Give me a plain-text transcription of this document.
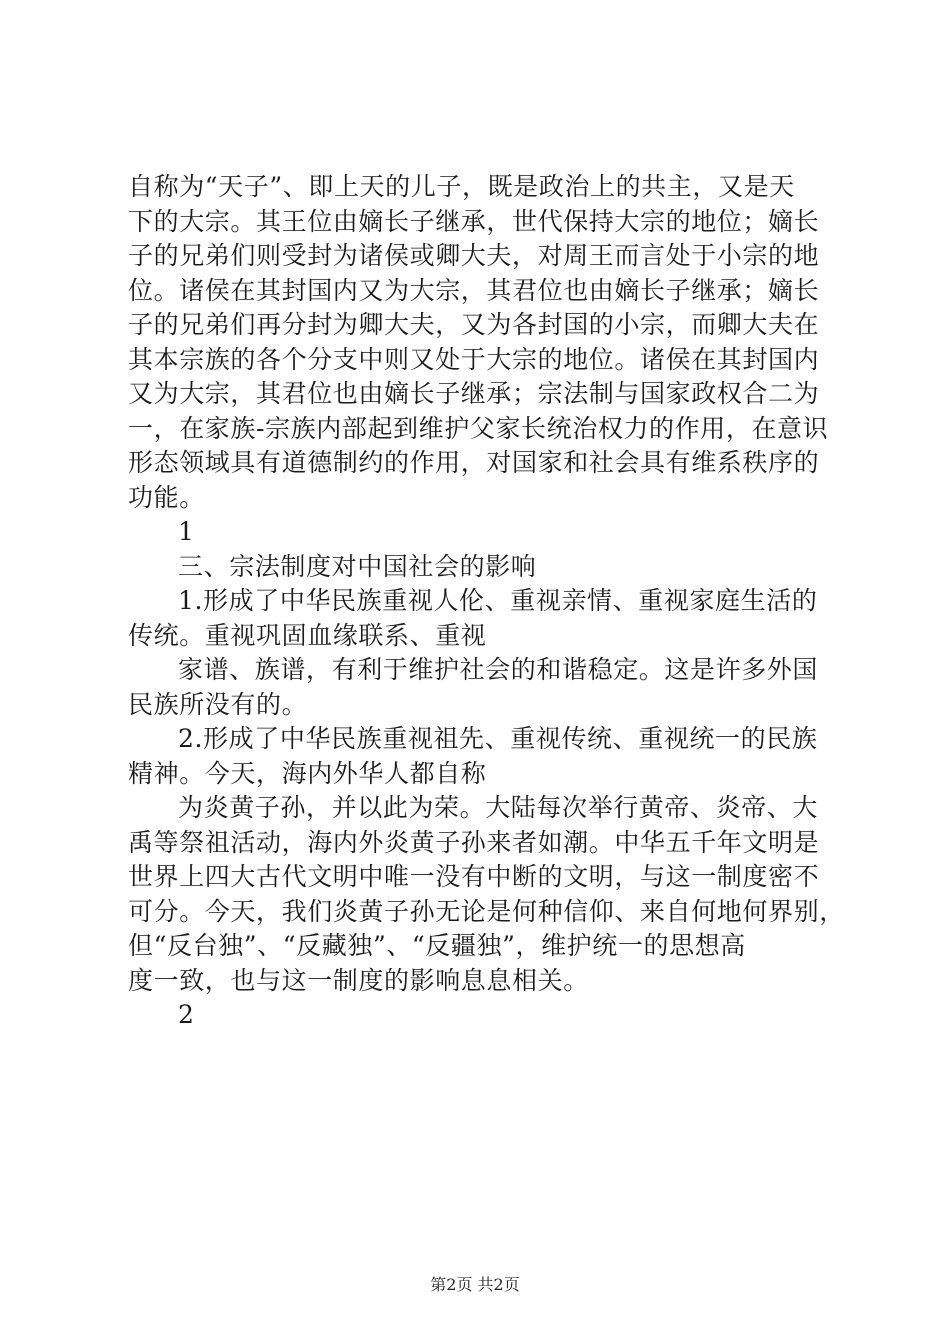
自称为“天子”、即上天的儿子，既是政治上的共主，又是天
下的大宗。其王位由嫡长子继承，世代保持大宗的地位；嫡长
子的兄弟们则受封为诸侯或卿大夫，对周王而言处于小宗的地
位。诸侯在其封国内又为大宗，其君位也由嫡长子继承；嫡长
子的兄弟们再分封为卿大夫，又为各封国的小宗，而卿大夫在
其本宗族的各个分支中则又处于大宗的地位。诸侯在其封国内
又为大宗，其君位也由嫡长子继承；宗法制与国家政权合二为
一，在家族-宗族内部起到维护父家长统治权力的作用，在意识
形态领域具有道德制约的作用，对国家和社会具有维系秩序的
功能。
1
三、宗法制度对中国社会的影响
1.形成了中华民族重视人伦、重视亲情、重视家庭生活的
传统。重视巩固血缘联系、重视
家谱、族谱，有利于维护社会的和谐稳定。这是许多外国
民族所没有的。
2.形成了中华民族重视祖先、重视传统、重视统一的民族
精神。今天，海内外华人都自称
为炎黄子孙，并以此为荣。大陆每次举行黄帝、炎帝、大
禹等祭祖活动，海内外炎黄子孙来者如潮。中华五千年文明是
世界上四大古代文明中唯一没有中断的文明，与这一制度密不
可分。今天，我们炎黄子孙无论是何种信仰、来自何地何界别，
但“反台独”、“反藏独”、“反疆独”，维护统一的思想高
度一致，也与这一制度的影响息息相关。
2
第2页 共2页
